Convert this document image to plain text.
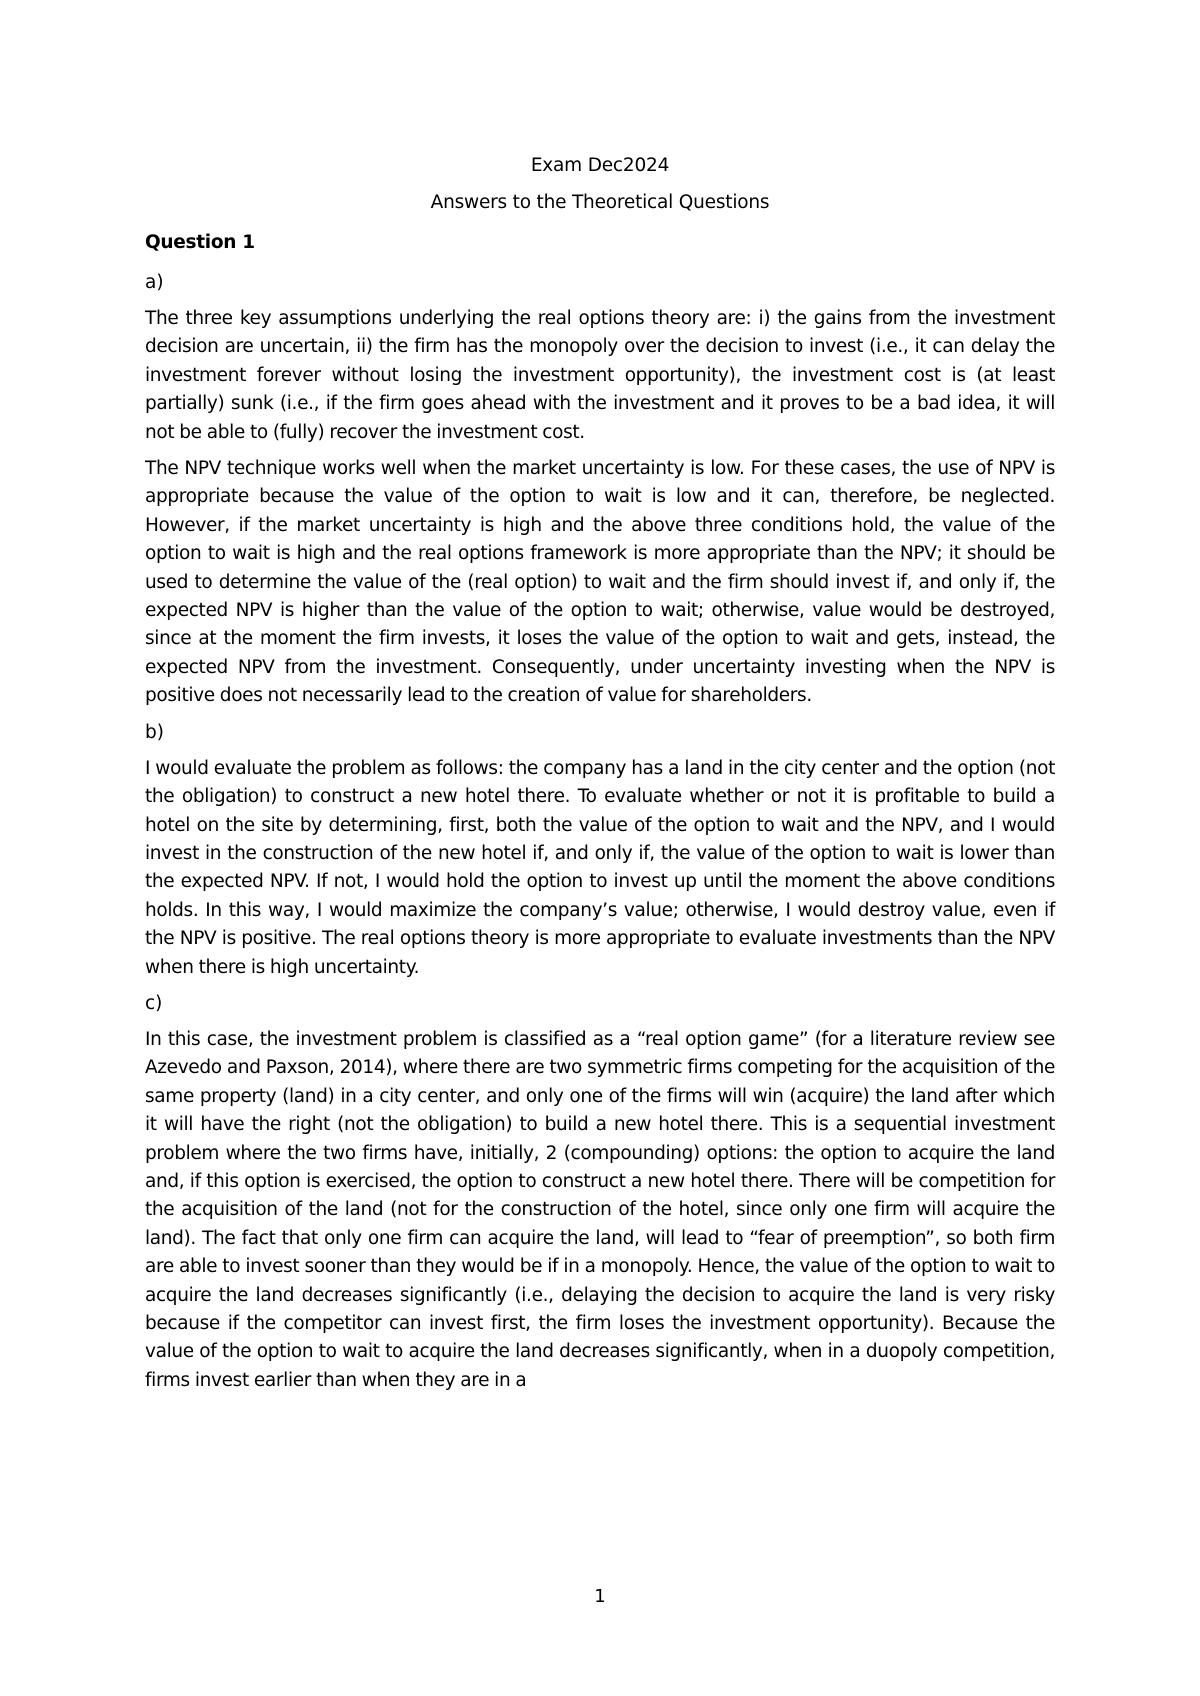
Exam Dec2024
Answers to the Theoretical Questions
Question 1
a)

The three key assumptions underlying the real options theory are: i) the gains from the investment decision are uncertain, ii) the firm has the monopoly over the decision to invest (i.e., it can delay the investment forever without losing the investment opportunity), the investment cost is (at least partially) sunk (i.e., if the firm goes ahead with the investment and it proves to be a bad idea, it will not be able to (fully) recover the investment cost.

The NPV technique works well when the market uncertainty is low. For these cases, the use of NPV is appropriate because the value of the option to wait is low and it can, therefore, be neglected. However, if the market uncertainty is high and the above three conditions hold, the value of the option to wait is high and the real options framework is more appropriate than the NPV; it should be used to determine the value of the (real option) to wait and the firm should invest if, and only if, the expected NPV is higher than the value of the option to wait; otherwise, value would be destroyed, since at the moment the firm invests, it loses the value of the option to wait and gets, instead, the expected NPV from the investment. Consequently, under uncertainty investing when the NPV is positive does not necessarily lead to the creation of value for shareholders.

b)

I would evaluate the problem as follows: the company has a land in the city center and the option (not the obligation) to construct a new hotel there. To evaluate whether or not it is profitable to build a hotel on the site by determining, first, both the value of the option to wait and the NPV, and I would invest in the construction of the new hotel if, and only if, the value of the option to wait is lower than the expected NPV. If not, I would hold the option to invest up until the moment the above conditions holds. In this way, I would maximize the company’s value; otherwise, I would destroy value, even if the NPV is positive. The real options theory is more appropriate to evaluate investments than the NPV when there is high uncertainty.

c)

In this case, the investment problem is classified as a “real option game” (for a literature review see Azevedo and Paxson, 2014), where there are two symmetric firms competing for the acquisition of the same property (land) in a city center, and only one of the firms will win (acquire) the land after which it will have the right (not the obligation) to build a new hotel there. This is a sequential investment problem where the two firms have, initially, 2 (compounding) options: the option to acquire the land and, if this option is exercised, the option to construct a new hotel there. There will be competition for the acquisition of the land (not for the construction of the hotel, since only one firm will acquire the land). The fact that only one firm can acquire the land, will lead to “fear of preemption”, so both firm are able to invest sooner than they would be if in a monopoly. Hence, the value of the option to wait to acquire the land decreases significantly (i.e., delaying the decision to acquire the land is very risky because if the competitor can invest first, the firm loses the investment opportunity). Because the value of the option to wait to acquire the land decreases significantly, when in a duopoly competition, firms invest earlier than when they are in a

1
